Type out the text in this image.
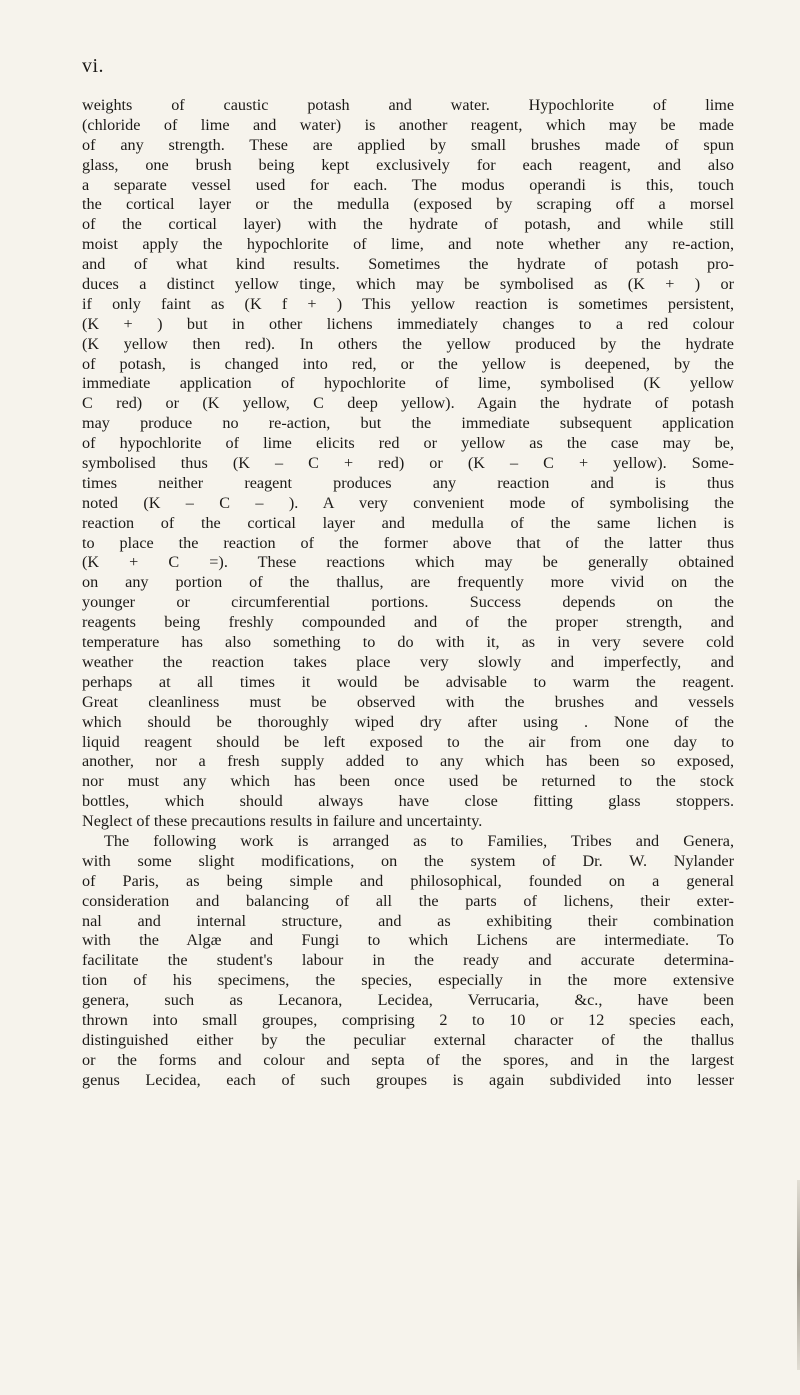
vi.
weights of caustic potash and water. Hypochlorite of lime
(chloride of lime and water) is another reagent, which may be made
of any strength. These are applied by small brushes made of spun
glass, one brush being kept exclusively for each reagent, and also
a separate vessel used for each. The modus operandi is this, touch
the cortical layer or the medulla (exposed by scraping off a morsel
of the cortical layer) with the hydrate of potash, and while still
moist apply the hypochlorite of lime, and note whether any re-action,
and of what kind results. Sometimes the hydrate of potash pro-
duces a distinct yellow tinge, which may be symbolised as (K + ) or
if only faint as (K f + ) This yellow reaction is sometimes persistent,
(K + ) but in other lichens immediately changes to a red colour
(K yellow then red). In others the yellow produced by the hydrate
of potash, is changed into red, or the yellow is deepened, by the
immediate application of hypochlorite of lime, symbolised (K yellow
C red) or (K yellow, C deep yellow). Again the hydrate of potash
may produce no re-action, but the immediate subsequent application
of hypochlorite of lime elicits red or yellow as the case may be,
symbolised thus (K – C + red) or (K – C + yellow). Some-
times neither reagent produces any reaction and is thus
noted (K – C – ). A very convenient mode of symbolising the
reaction of the cortical layer and medulla of the same lichen is
to place the reaction of the former above that of the latter thus
(K + C =). These reactions which may be generally obtained
on any portion of the thallus, are frequently more vivid on the
younger or circumferential portions. Success depends on the
reagents being freshly compounded and of the proper strength, and
temperature has also something to do with it, as in very severe cold
weather the reaction takes place very slowly and imperfectly, and
perhaps at all times it would be advisable to warm the reagent.
Great cleanliness must be observed with the brushes and vessels
which should be thoroughly wiped dry after using . None of the
liquid reagent should be left exposed to the air from one day to
another, nor a fresh supply added to any which has been so exposed,
nor must any which has been once used be returned to the stock
bottles, which should always have close fitting glass stoppers.
Neglect of these precautions results in failure and uncertainty.
The following work is arranged as to Families, Tribes and Genera,
with some slight modifications, on the system of Dr. W. Nylander
of Paris, as being simple and philosophical, founded on a general
consideration and balancing of all the parts of lichens, their exter-
nal and internal structure, and as exhibiting their combination
with the Algæ and Fungi to which Lichens are intermediate. To
facilitate the student's labour in the ready and accurate determina-
tion of his specimens, the species, especially in the more extensive
genera, such as Lecanora, Lecidea, Verrucaria, &c., have been
thrown into small groupes, comprising 2 to 10 or 12 species each,
distinguished either by the peculiar external character of the thallus
or the forms and colour and septa of the spores, and in the largest
genus Lecidea, each of such groupes is again subdivided into lesser
